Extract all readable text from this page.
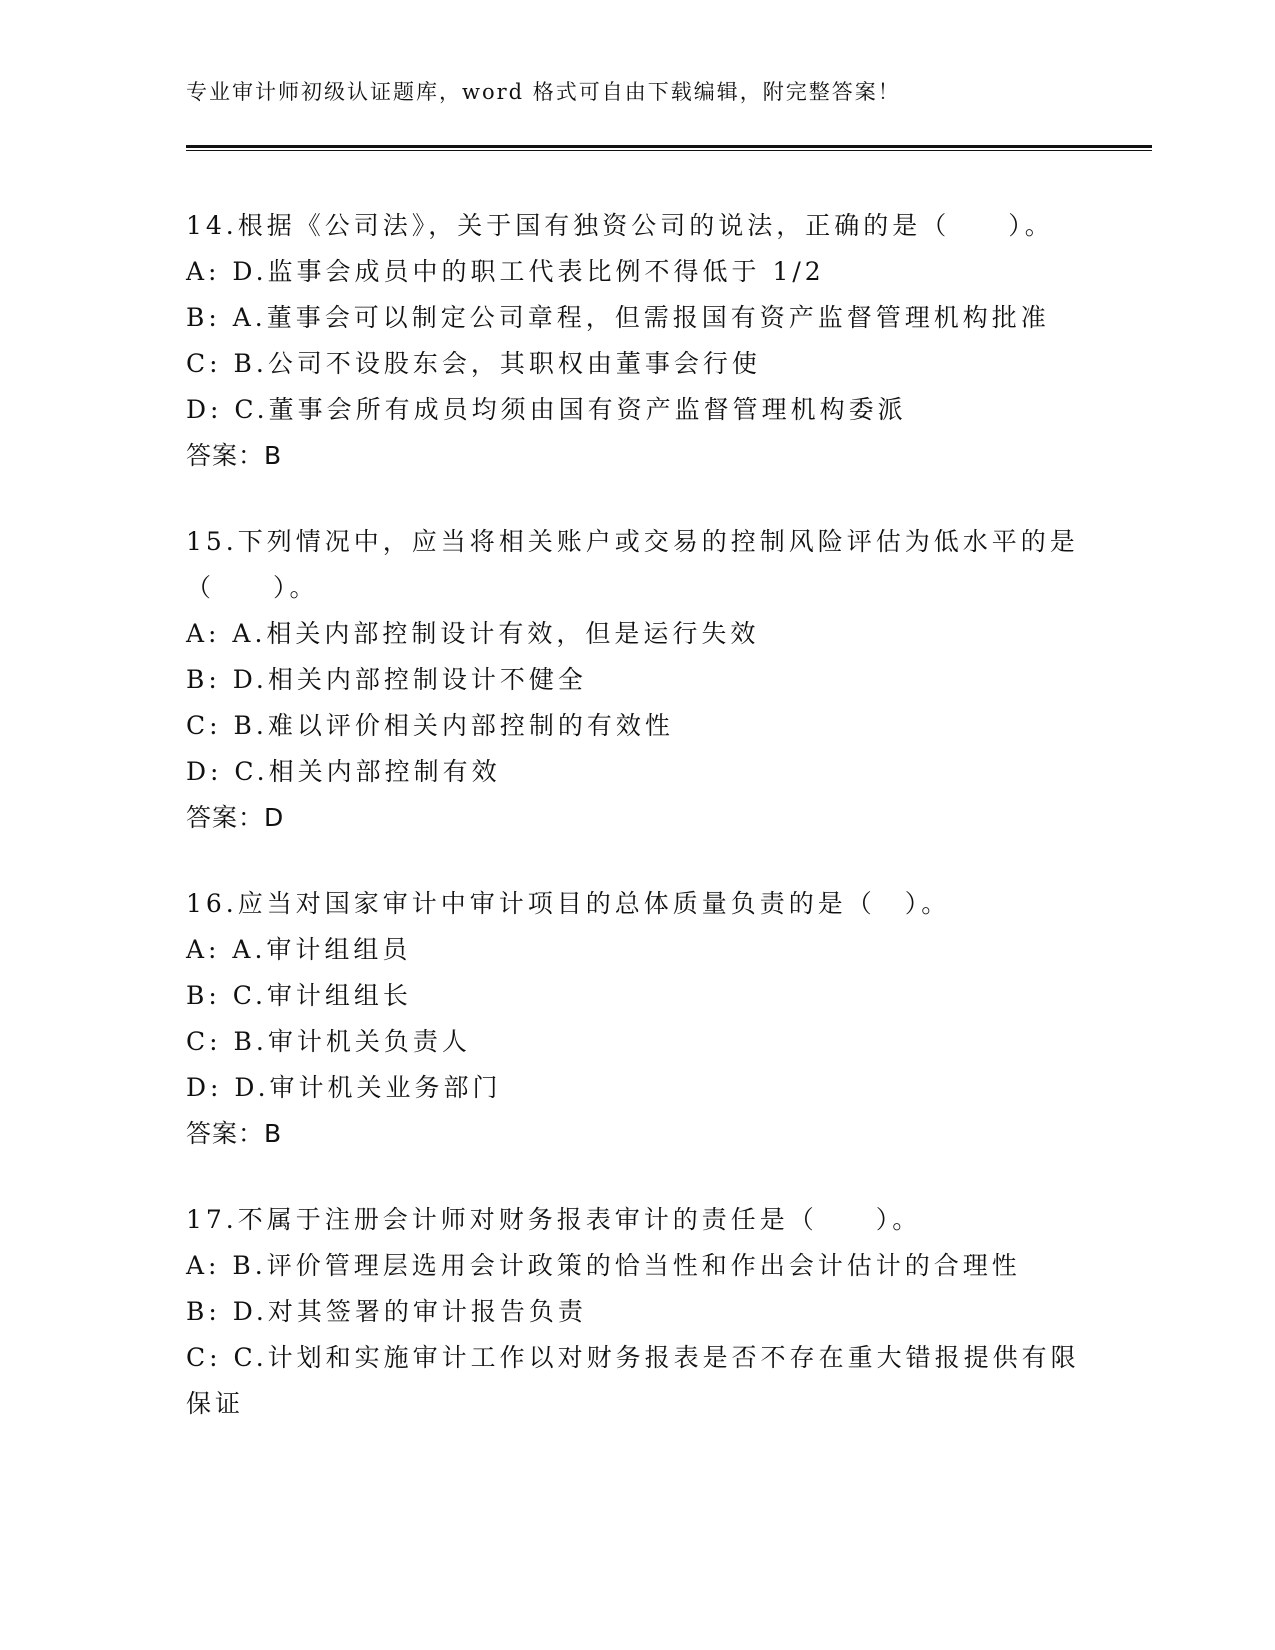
专业审计师初级认证题库，word 格式可自由下载编辑，附完整答案！
14.根据《公司法》，关于国有独资公司的说法，正确的是（　　）。
A: D.监事会成员中的职工代表比例不得低于 1/2
B: A.董事会可以制定公司章程，但需报国有资产监督管理机构批准
C: B.公司不设股东会，其职权由董事会行使
D: C.董事会所有成员均须由国有资产监督管理机构委派
答案：B
15.下列情况中，应当将相关账户或交易的控制风险评估为低水平的是
（　　）。
A: A.相关内部控制设计有效，但是运行失效
B: D.相关内部控制设计不健全
C: B.难以评价相关内部控制的有效性
D: C.相关内部控制有效
答案：D
16.应当对国家审计中审计项目的总体质量负责的是（　）。
A: A.审计组组员
B: C.审计组组长
C: B.审计机关负责人
D: D.审计机关业务部门
答案：B
17.不属于注册会计师对财务报表审计的责任是（　　）。
A: B.评价管理层选用会计政策的恰当性和作出会计估计的合理性
B: D.对其签署的审计报告负责
C: C.计划和实施审计工作以对财务报表是否不存在重大错报提供有限
保证
